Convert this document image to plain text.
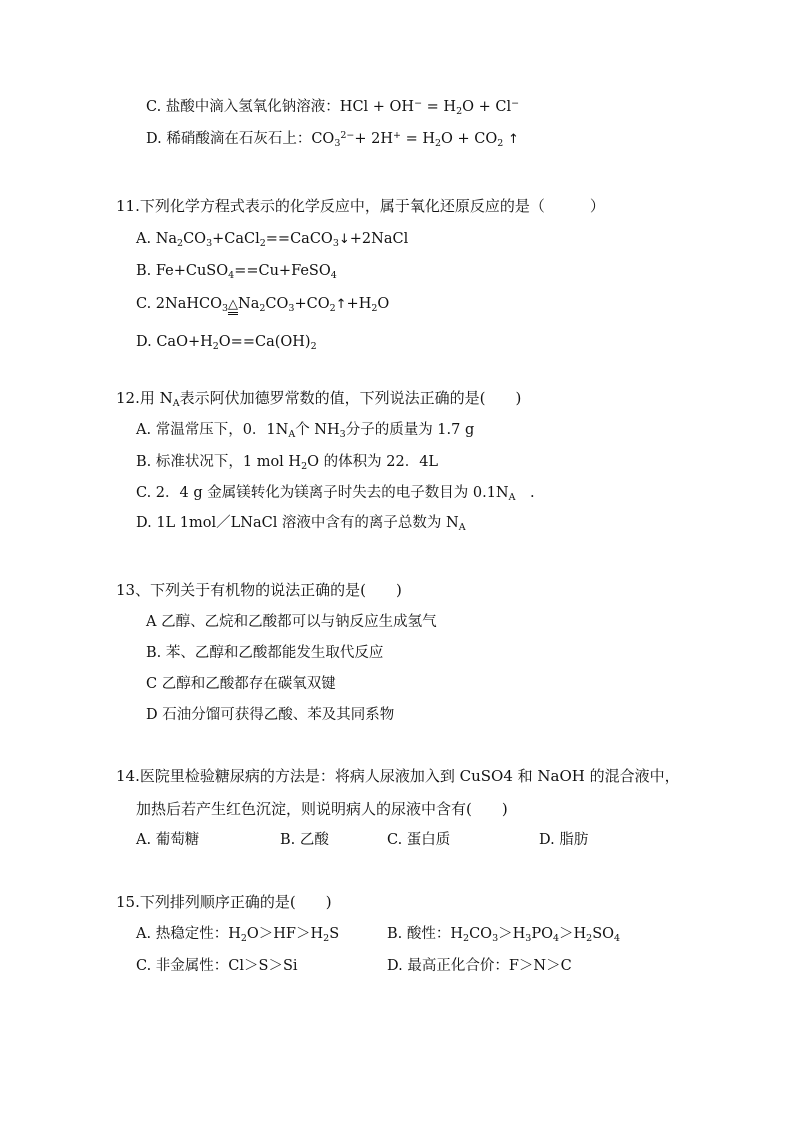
C. 盐酸中滴入氢氧化钠溶液：HCl + $OH^- = H_2O + Cl^-$
D. 稀硝酸滴在石灰石上：$CO_3^{2-}+ 2H^+ = H_2O + CO_2$ ↑
11.下列化学方程式表示的化学反应中，属于氧化还原反应的是（　　　）
A. $Na_2CO_3+CaCl_2==CaCO_3↓+2NaCl$
B. Fe+CuSO$_4$==Cu+FeSO$_4$
C. $2NaHCO_3\triangle Na_2CO_3+CO_2↑+H_2O$
D. $CaO+H_2O==Ca(OH)_2$
12.用 $N_A$表示阿伏加德罗常数的值，下列说法正确的是(　　)
A. 常温常压下，0．$1N_A$个 $NH_3$分子的质量为 1.7 g
B. 标准状况下，1 mol $H_2O$ 的体积为 22．4L
C. 2．4 g 金属镁转化为镁离子时失去的电子数目为 $0.1N_A$　.
D. 1L 1mol／LNaCl 溶液中含有的离子总数为 $N_A$
13、下列关于有机物的说法正确的是(　　)
A 乙醇、乙烷和乙酸都可以与钠反应生成氢气
B. 苯、乙醇和乙酸都能发生取代反应
C 乙醇和乙酸都存在碳氧双键
D 石油分馏可获得乙酸、苯及其同系物
14.医院里检验糖尿病的方法是：将病人尿液加入到 CuSO4 和 NaOH 的混合液中，
加热后若产生红色沉淀，则说明病人的尿液中含有(　　)
A. 葡萄糖	B. 乙酸	C. 蛋白质	D. 脂肪
15.下列排列顺序正确的是(　　)
A. 热稳定性：$H_2O>HF>H_2S$	B. 酸性：$H_2CO_3>H_3PO_4>H_2SO_4$
C. 非金属性：Cl＞S＞Si	D. 最高正化合价：F＞N＞C
